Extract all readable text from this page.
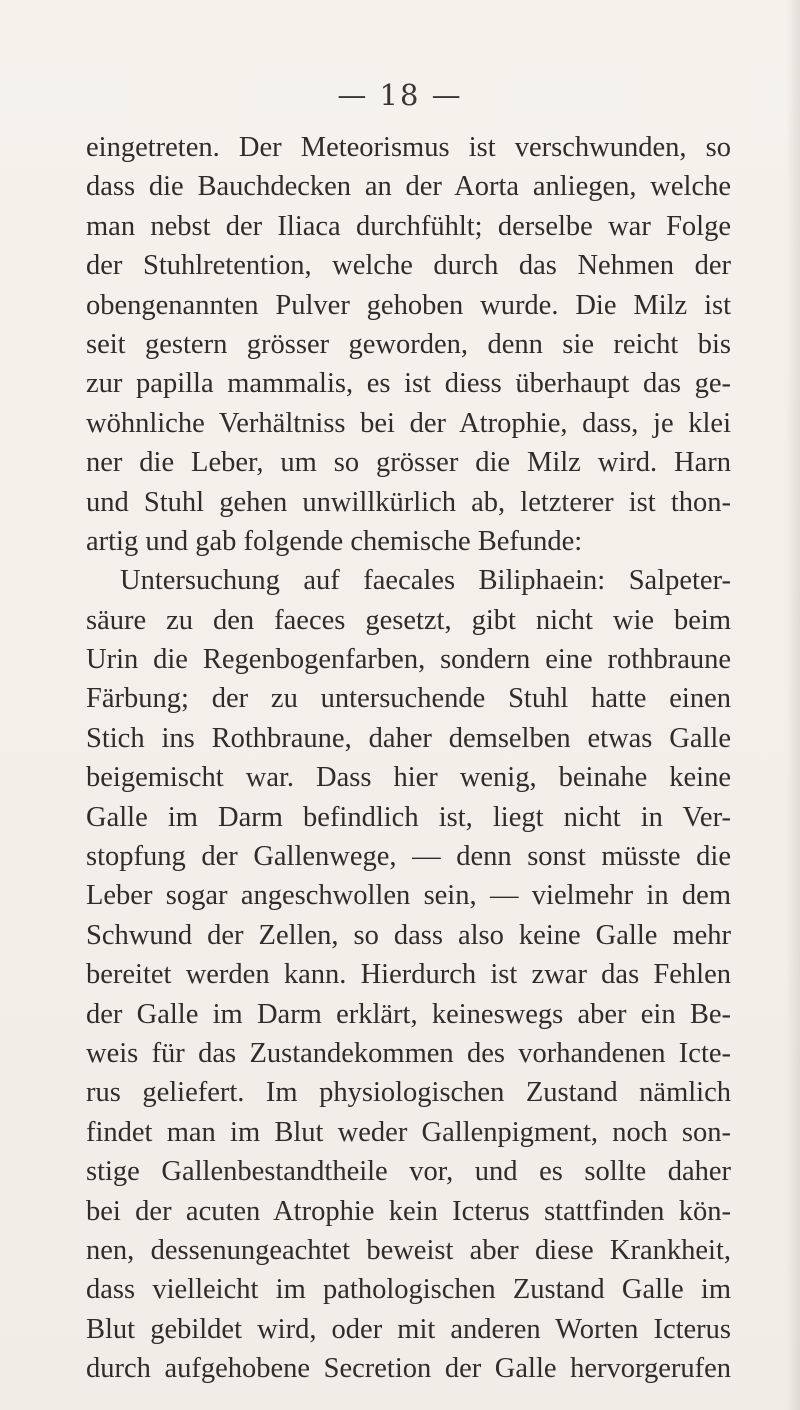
— 18 —
eingetreten. Der Meteorismus ist verschwunden, so
dass die Bauchdecken an der Aorta anliegen, welche
man nebst der Iliaca durchfühlt; derselbe war Folge
der Stuhlretention, welche durch das Nehmen der
obengenannten Pulver gehoben wurde. Die Milz ist
seit gestern grösser geworden, denn sie reicht bis
zur papilla mammalis, es ist diess überhaupt das ge-
wöhnliche Verhältniss bei der Atrophie, dass, je klei
ner die Leber, um so grösser die Milz wird. Harn
und Stuhl gehen unwillkürlich ab, letzterer ist thon-
artig und gab folgende chemische Befunde:
Untersuchung auf faecales Biliphaein: Salpeter-
säure zu den faeces gesetzt, gibt nicht wie beim
Urin die Regenbogenfarben, sondern eine rothbraune
Färbung; der zu untersuchende Stuhl hatte einen
Stich ins Rothbraune, daher demselben etwas Galle
beigemischt war. Dass hier wenig, beinahe keine
Galle im Darm befindlich ist, liegt nicht in Ver-
stopfung der Gallenwege, — denn sonst müsste die
Leber sogar angeschwollen sein, — vielmehr in dem
Schwund der Zellen, so dass also keine Galle mehr
bereitet werden kann. Hierdurch ist zwar das Fehlen
der Galle im Darm erklärt, keineswegs aber ein Be-
weis für das Zustandekommen des vorhandenen Icte-
rus geliefert. Im physiologischen Zustand nämlich
findet man im Blut weder Gallenpigment, noch son-
stige Gallenbestandtheile vor, und es sollte daher
bei der acuten Atrophie kein Icterus stattfinden kön-
nen, dessenungeachtet beweist aber diese Krankheit,
dass vielleicht im pathologischen Zustand Galle im
Blut gebildet wird, oder mit anderen Worten Icterus
durch aufgehobene Secretion der Galle hervorgerufen
